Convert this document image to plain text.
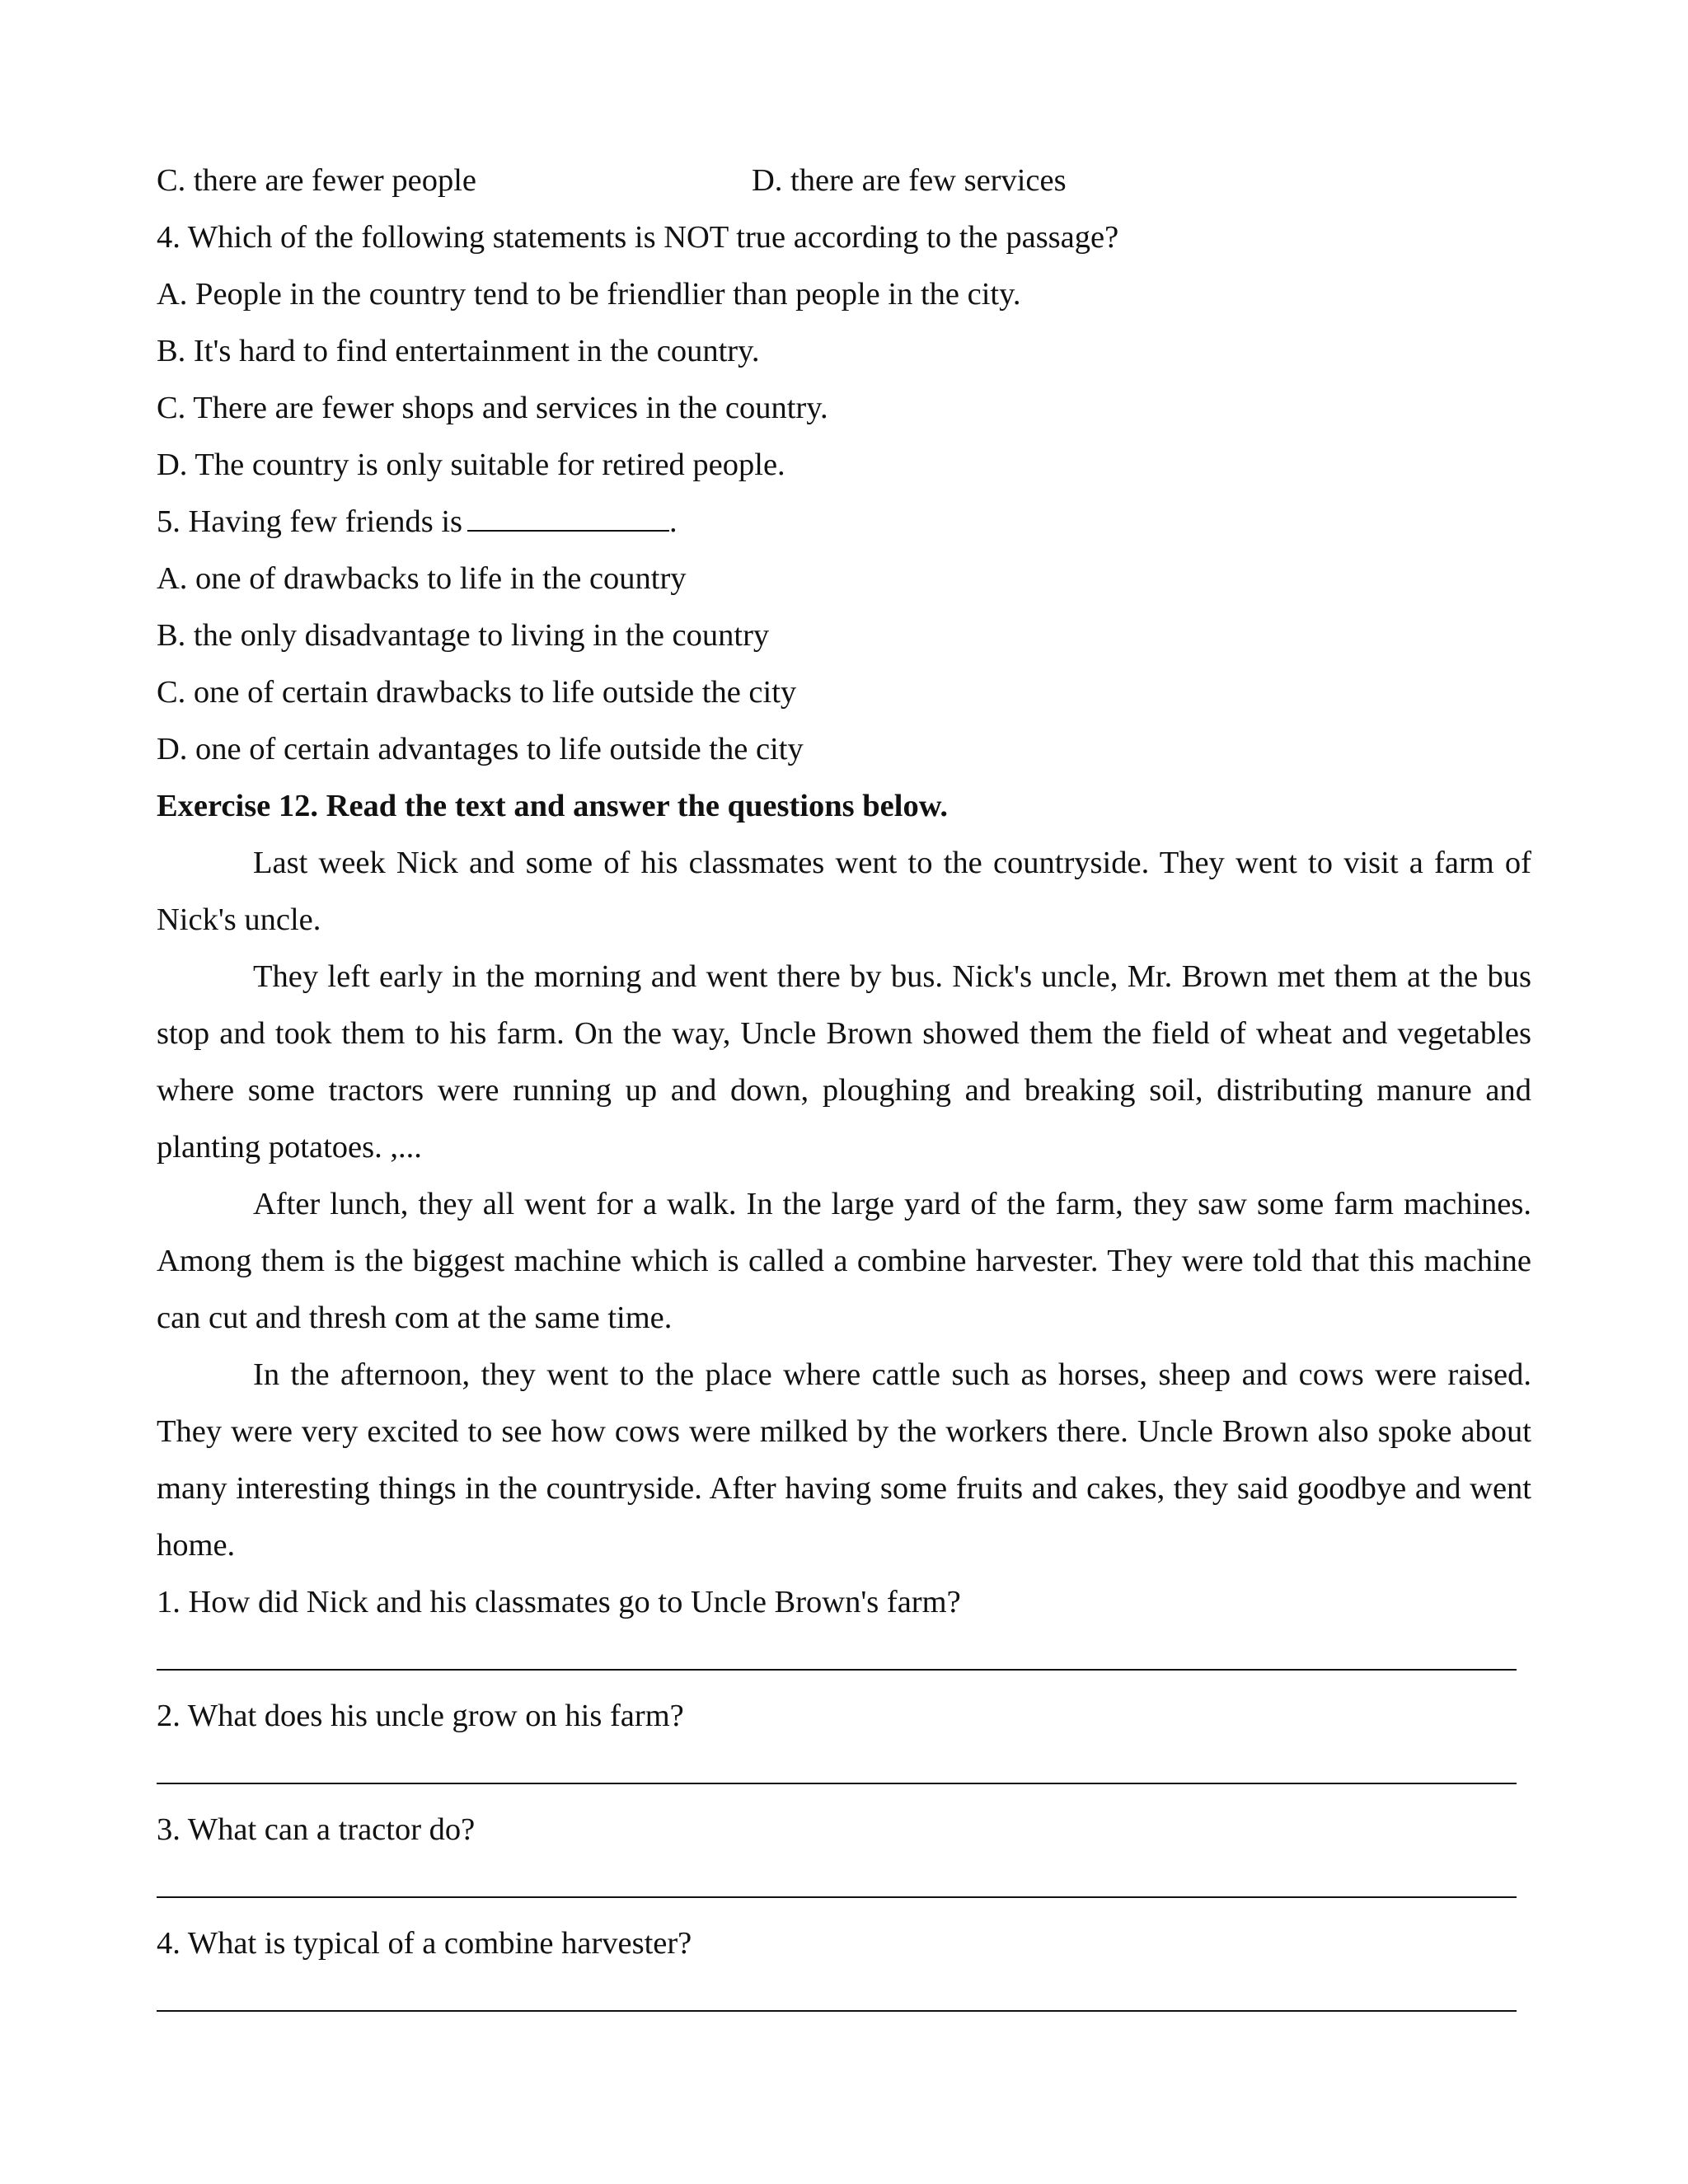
C. there are fewer people	D. there are few services
4. Which of the following statements is NOT true according to the passage?
A. People in the country tend to be friendlier than people in the city.
B. It's hard to find entertainment in the country.
C. There are fewer shops and services in the country.
D. The country is only suitable for retired people.
5. Having few friends is	.
A. one of drawbacks to life in the country
B. the only disadvantage to living in the country
C. one of certain drawbacks to life outside the city
D. one of certain advantages to life outside the city
Exercise 12. Read the text and answer the questions below.

Last week Nick and some of his classmates went to the countryside. They went to visit a farm of Nick's uncle.

They left early in the morning and went there by bus. Nick's uncle, Mr. Brown met them at the bus stop and took them to his farm. On the way, Uncle Brown showed them the field of wheat and vegetables where some tractors were running up and down, ploughing and breaking soil, distributing manure and planting potatoes. ,...

After lunch, they all went for a walk. In the large yard of the farm, they saw some farm machines. Among them is the biggest machine which is called a combine harvester. They were told that this machine can cut and thresh com at the same time.

In the afternoon, they went to the place where cattle such as horses, sheep and cows were raised. They were very excited to see how cows were milked by the workers there. Uncle Brown also spoke about many interesting things in the countryside. After having some fruits and cakes, they said goodbye and went home.

1. How did Nick and his classmates go to Uncle Brown's farm?
2. What does his uncle grow on his farm?
3. What can a tractor do?
4. What is typical of a combine harvester?
